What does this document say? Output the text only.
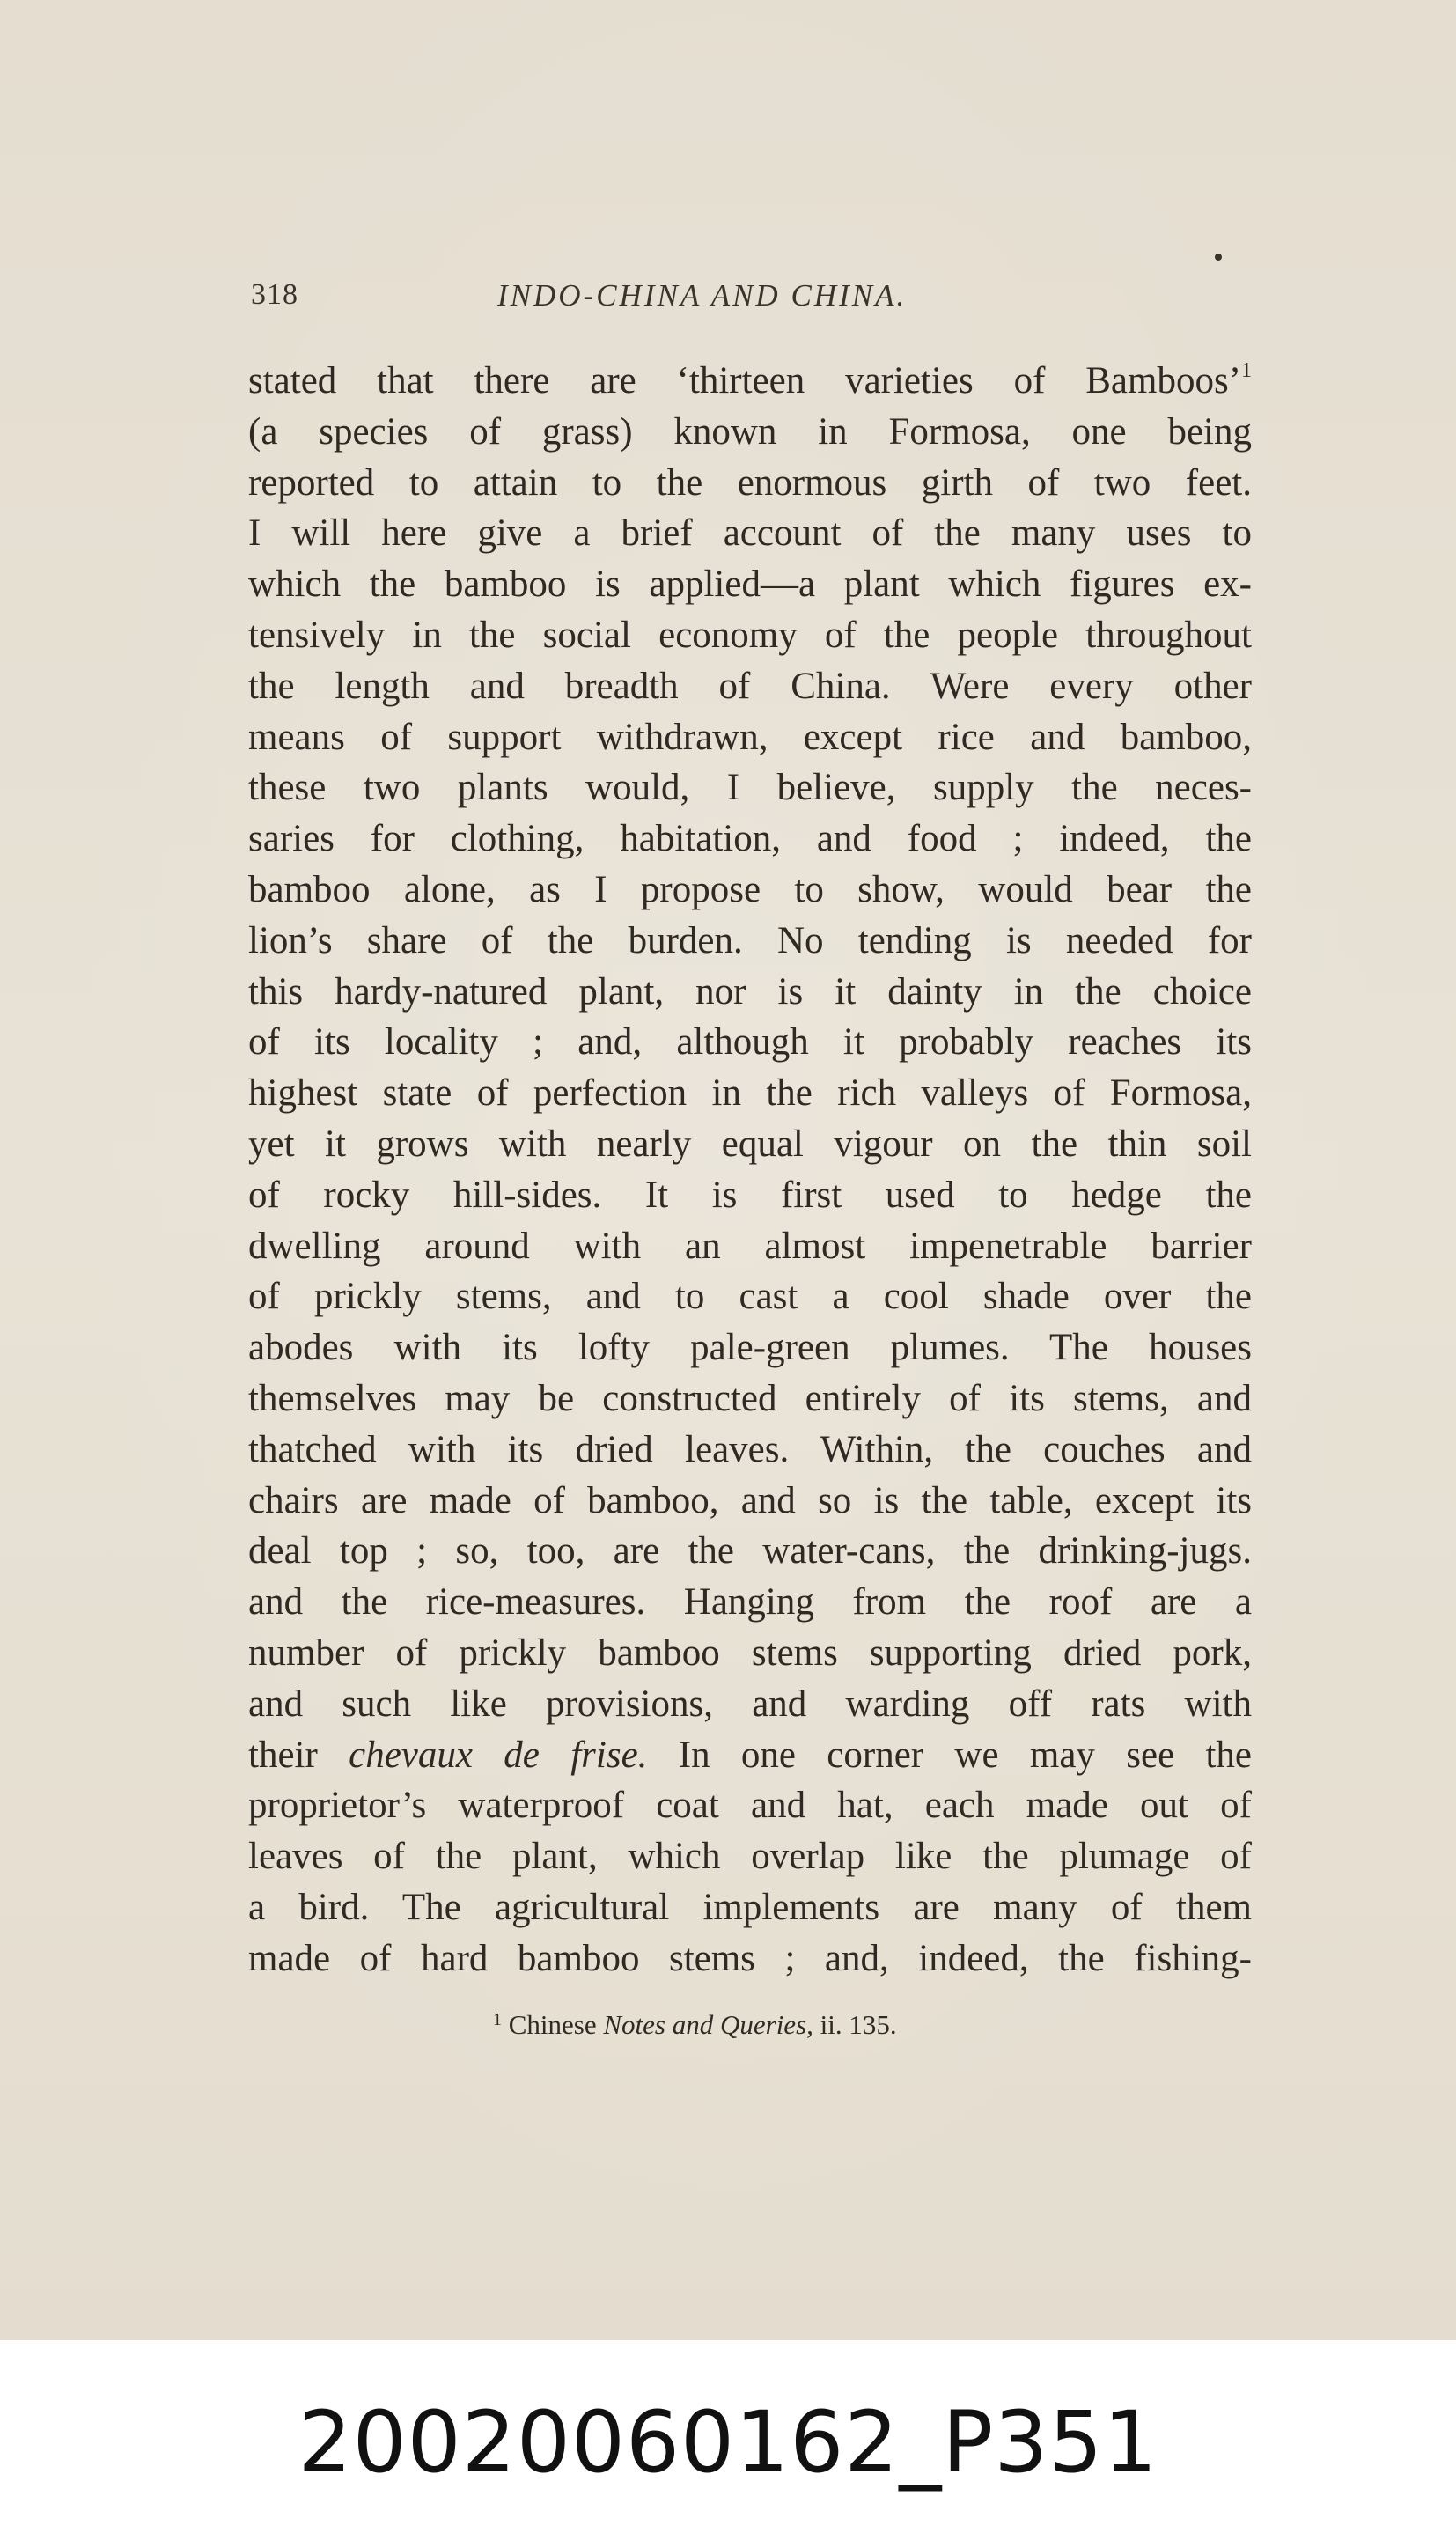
318	INDO-CHINA AND CHINA.
stated that there are ‘thirteen varieties of Bamboos’$^1$
(a species of grass) known in Formosa, one being
reported to attain to the enormous girth of two feet.
I will here give a brief account of the many uses to
which the bamboo is applied—a plant which figures ex-
tensively in the social economy of the people throughout
the length and breadth of China. Were every other
means of support withdrawn, except rice and bamboo,
these two plants would, I believe, supply the neces-
saries for clothing, habitation, and food ; indeed, the
bamboo alone, as I propose to show, would bear the
lion’s share of the burden. No tending is needed for
this hardy-natured plant, nor is it dainty in the choice
of its locality ; and, although it probably reaches its
highest state of perfection in the rich valleys of Formosa,
yet it grows with nearly equal vigour on the thin soil
of rocky hill-sides. It is first used to hedge the
dwelling around with an almost impenetrable barrier
of prickly stems, and to cast a cool shade over the
abodes with its lofty pale-green plumes. The houses
themselves may be constructed entirely of its stems, and
thatched with its dried leaves. Within, the couches and
chairs are made of bamboo, and so is the table, except its
deal top ; so, too, are the water-cans, the drinking-jugs.
and the rice-measures. Hanging from the roof are a
number of prickly bamboo stems supporting dried pork,
and such like provisions, and warding off rats with
their chevaux de frise. In one corner we may see the
proprietor’s waterproof coat and hat, each made out of
leaves of the plant, which overlap like the plumage of
a bird. The agricultural implements are many of them
made of hard bamboo stems ; and, indeed, the fishing-
$^1$ Chinese Notes and Queries, ii. 135.
20020060162_P351
